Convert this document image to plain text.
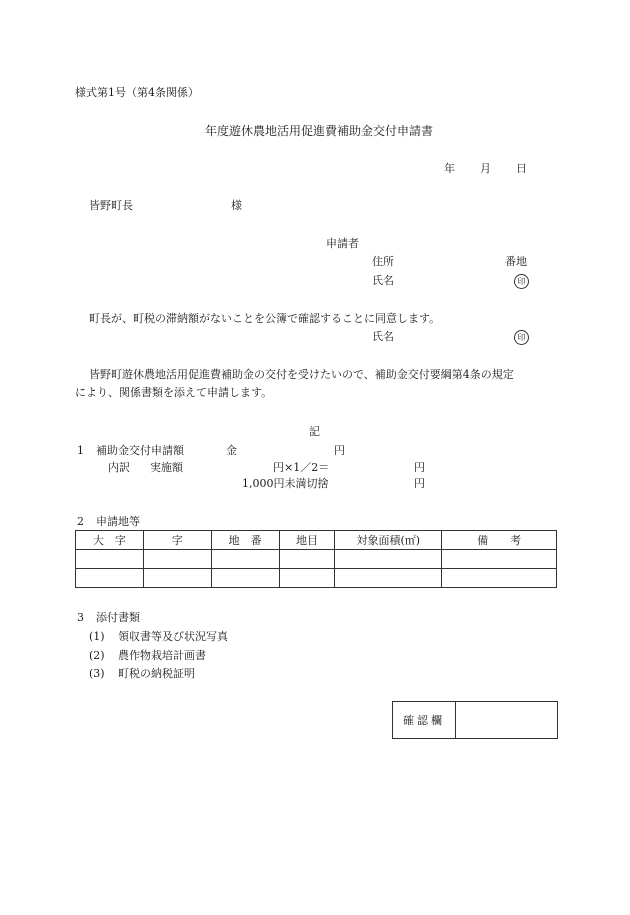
様式第1号（第4条関係）
年度遊休農地活用促進費補助金交付申請書
年 月 日
皆野町長	様
申請者
住所	番地
氏名	印
町長が、町税の滞納額がないことを公簿で確認することに同意します。
氏名	印
皆野町遊休農地活用促進費補助金の交付を受けたいので、補助金交付要綱第4条の規定
により、関係書類を添えて申請します。
記
1 補助金交付申請額	金	円
内訳 実施額	円×1／2＝	円
1,000円未満切捨	円
2 申請地等
大　字	字	地　番	地目	対象面積(㎡)	備　　考

3 添付書類
(1) 領収書等及び状況写真
(2) 農作物栽培計画書
(3) 町税の納税証明
確認欄
